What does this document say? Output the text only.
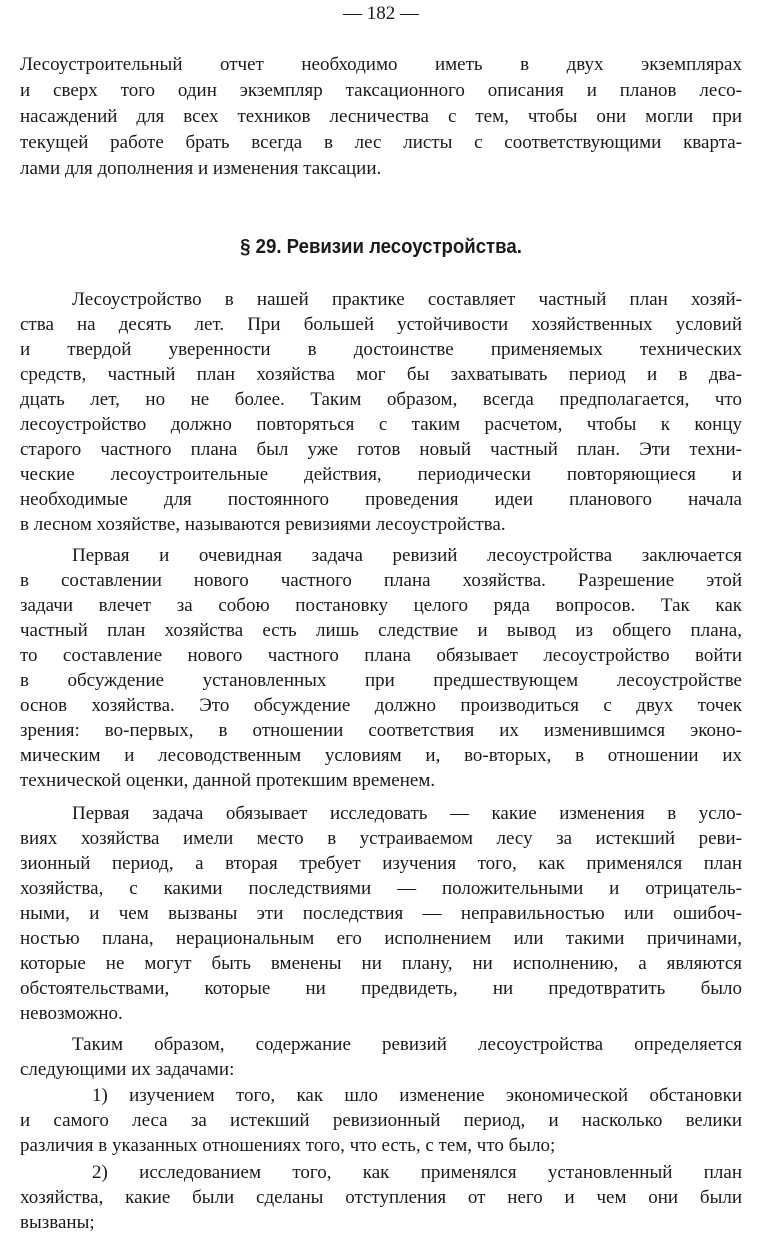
— 182 —
Лесоустроительный отчет необходимо иметь в двух экземплярах
и сверх того один экземпляр таксационного описания и планов лесо-
насаждений для всех техников лесничества с тем, чтобы они могли при
текущей работе брать всегда в лес листы с соответствующими кварта-
лами для дополнения и изменения таксации.
§ 29. Ревизии лесоустройства.
Лесоустройство в нашей практике составляет частный план хозяй-
ства на десять лет. При большей устойчивости хозяйственных условий
и твердой уверенности в достоинстве применяемых технических
средств, частный план хозяйства мог бы захватывать период и в два-
дцать лет, но не более. Таким образом, всегда предполагается, что
лесоустройство должно повторяться с таким расчетом, чтобы к концу
старого частного плана был уже готов новый частный план. Эти техни-
ческие лесоустроительные действия, периодически повторяющиеся и
необходимые для постоянного проведения идеи планового начала
в лесном хозяйстве, называются ревизиями лесоустройства.
Первая и очевидная задача ревизий лесоустройства заключается
в составлении нового частного плана хозяйства. Разрешение этой
задачи влечет за собою постановку целого ряда вопросов. Так как
частный план хозяйства есть лишь следствие и вывод из общего плана,
то составление нового частного плана обязывает лесоустройство войти
в обсуждение установленных при предшествующем лесоустройстве
основ хозяйства. Это обсуждение должно производиться с двух точек
зрения: во-первых, в отношении соответствия их изменившимся эконо-
мическим и лесоводственным условиям и, во-вторых, в отношении их
технической оценки, данной протекшим временем.
Первая задача обязывает исследовать — какие изменения в усло-
виях хозяйства имели место в устраиваемом лесу за истекший реви-
зионный период, а вторая требует изучения того, как применялся план
хозяйства, с какими последствиями — положительными и отрицатель-
ными, и чем вызваны эти последствия — неправильностью или ошибоч-
ностью плана, нерациональным его исполнением или такими причинами,
которые не могут быть вменены ни плану, ни исполнению, а являются
обстоятельствами, которые ни предвидеть, ни предотвратить было
невозможно.
Таким образом, содержание ревизий лесоустройства определяется
следующими их задачами:
1) изучением того, как шло изменение экономической обстановки
и самого леса за истекший ревизионный период, и насколько велики
различия в указанных отношениях того, что есть, с тем, что было;
2) исследованием того, как применялся установленный план
хозяйства, какие были сделаны отступления от него и чем они были
вызваны;
